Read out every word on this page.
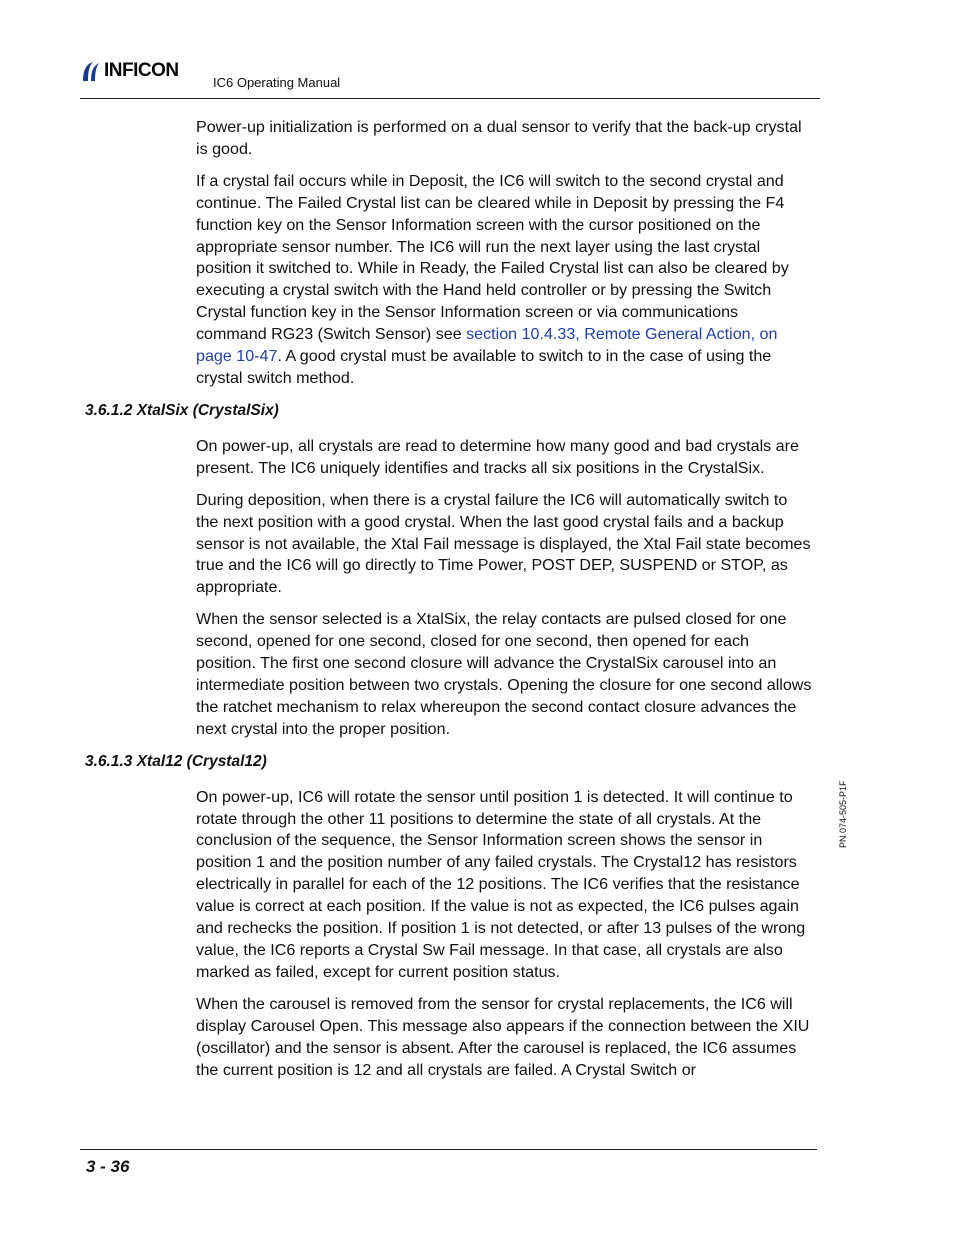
INFICON
IC6 Operating Manual

Power-up initialization is performed on a dual sensor to verify that the back-up crystal is good.

If a crystal fail occurs while in Deposit, the IC6 will switch to the second crystal and continue. The Failed Crystal list can be cleared while in Deposit by pressing the F4 function key on the Sensor Information screen with the cursor positioned on the appropriate sensor number. The IC6 will run the next layer using the last crystal position it switched to. While in Ready, the Failed Crystal list can also be cleared by executing a crystal switch with the Hand held controller or by pressing the Switch Crystal function key in the Sensor Information screen or via communications command RG23 (Switch Sensor) see section 10.4.33, Remote General Action, on page 10-47. A good crystal must be available to switch to in the case of using the crystal switch method.

3.6.1.2 XtalSix (CrystalSix)

On power-up, all crystals are read to determine how many good and bad crystals are present. The IC6 uniquely identifies and tracks all six positions in the CrystalSix.

During deposition, when there is a crystal failure the IC6 will automatically switch to the next position with a good crystal. When the last good crystal fails and a backup sensor is not available, the Xtal Fail message is displayed, the Xtal Fail state becomes true and the IC6 will go directly to Time Power, POST DEP, SUSPEND or STOP, as appropriate.

When the sensor selected is a XtalSix, the relay contacts are pulsed closed for one second, opened for one second, closed for one second, then opened for each position. The first one second closure will advance the CrystalSix carousel into an intermediate position between two crystals. Opening the closure for one second allows the ratchet mechanism to relax whereupon the second contact closure advances the next crystal into the proper position.

3.6.1.3 Xtal12 (Crystal12)

On power-up, IC6 will rotate the sensor until position 1 is detected. It will continue to rotate through the other 11 positions to determine the state of all crystals. At the conclusion of the sequence, the Sensor Information screen shows the sensor in position 1 and the position number of any failed crystals. The Crystal12 has resistors electrically in parallel for each of the 12 positions. The IC6 verifies that the resistance value is correct at each position. If the value is not as expected, the IC6 pulses again and rechecks the position. If position 1 is not detected, or after 13 pulses of the wrong value, the IC6 reports a Crystal Sw Fail message. In that case, all crystals are also marked as failed, except for current position status.

When the carousel is removed from the sensor for crystal replacements, the IC6 will display Carousel Open. This message also appears if the connection between the XIU (oscillator) and the sensor is absent. After the carousel is replaced, the IC6 assumes the current position is 12 and all crystals are failed. A Crystal Switch or

PN 074-505-P1F
3 - 36
